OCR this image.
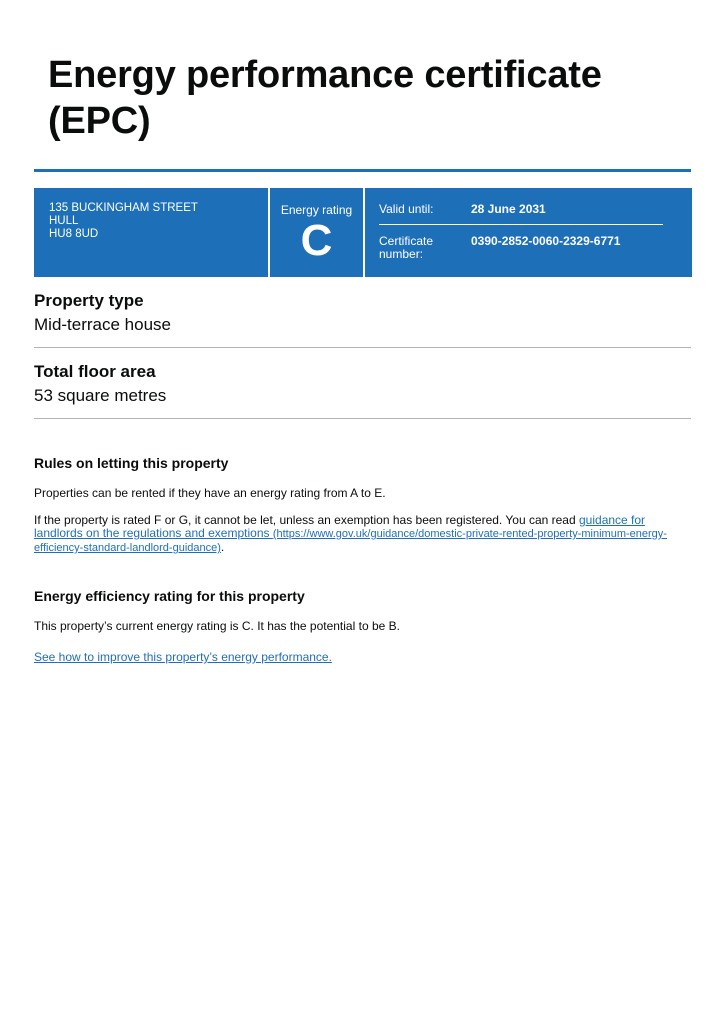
Energy performance certificate (EPC)
135 BUCKINGHAM STREET
HULL
HU8 8UD
Energy rating
C
Valid until:	28 June 2031
Certificate
number:
0390-2852-0060-2329-6771
Property type

Mid-terrace house

Total floor area

53 square metres

Rules on letting this property

Properties can be rented if they have an energy rating from A to E.

If the property is rated F or G, it cannot be let, unless an exemption has been registered. You can read guidance for landlords on the regulations and exemptions (https://www.gov.uk/guidance/domestic-private-rented-property-minimum-energy-efficiency-standard-landlord-guidance).

Energy efficiency rating for this property

This property’s current energy rating is C. It has the potential to be B.

See how to improve this property’s energy performance.
